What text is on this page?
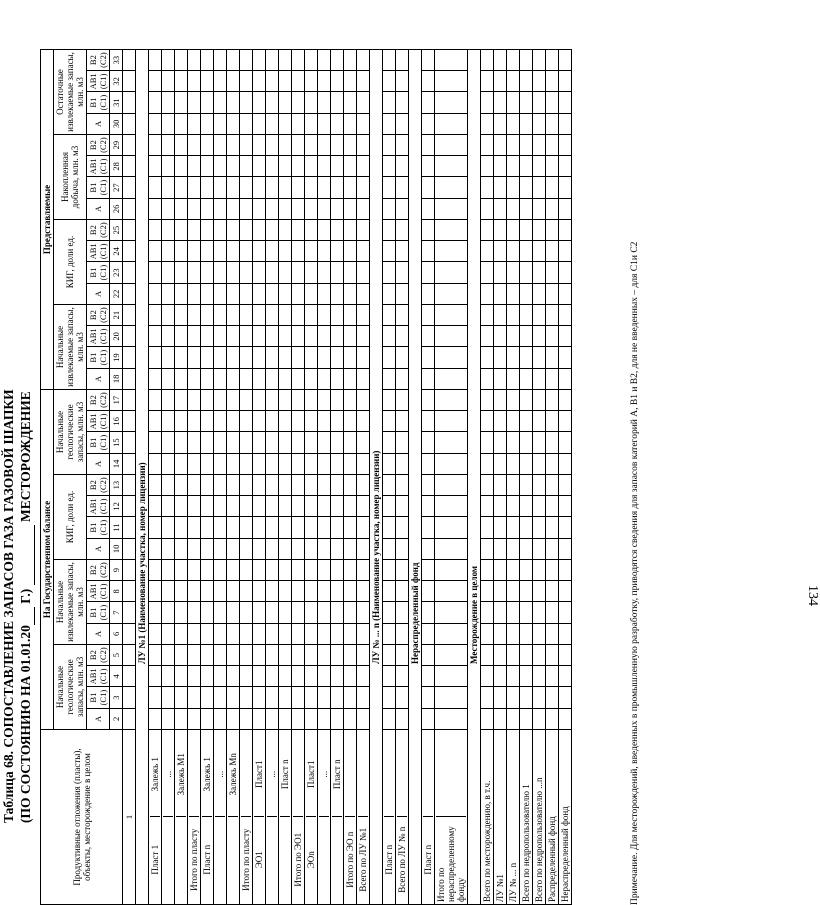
Таблица 68. СОПОСТАВЛЕНИЕ ЗАПАСОВ ГАЗА ГАЗОВОЙ ШАПКИ (ПО СОСТОЯНИЮ НА 01.01.20  Г.)   МЕСТОРОЖДЕНИЕ
Продуктивные отложения (пласты), объекты, месторождение в целом
На Государственном балансе
Представляемые
Начальные геологические запасы, млн. м3
Начальные извлекаемые запасы, млн. м3
КИГ, доли ед.
Начальные геологические запасы, млн. м3
Начальные извлекаемые запасы, млн. м3
КИГ, доли ед.
Накопленная добыча, млн. м3
Остаточные извлекаемые запасы, млн. м3
А
В1 (С1)
АВ1 (С1)
В2 (С2)
А
В1 (С1)
АВ1 (С1)
В2 (С2)
А
В1 (С1)
АВ1 (С1)
В2 (С2)
А
В1 (С1)
АВ1 (С1)
В2 (С2)
А
В1 (С1)
АВ1 (С1)
В2 (С2)
А
В1 (С1)
АВ1 (С1)
В2 (С2)
А
В1 (С1)
АВ1 (С1)
В2 (С2)
А
В1 (С1)
АВ1 (С1)
В2 (С2)
1
2
3
4
5
6
7
8
9
10
11
12
13
14
15
16
17
18
19
20
21
22
23
24
25
26
27
28
29
30
31
32
33
ЛУ №1 (Наименование участка, номер лицензии)
Пласт 1
Залежь 1 ... Залежь М1
Итого по пласту Пласт n
Залежь 1 ... Залежь Мn
Итого по пласту ЭО1
Пласт1 ... Пласт n
Итого по ЭО1 ЭОn
Пласт1 ... Пласт n
Итого по ЭО n Всего по ЛУ №1
ЛУ № ... n (Наименование участка, номер лицензии)
Пласт n Всего по ЛУ № n
Нераспределенный фонд
Пласт n
Итого по нераспределенному фонду
Месторождение в целом
Всего по месторождению, в т.ч. ЛУ №1 ЛУ № ... n Всего по недропользователю 1 Всего по недропользователю ...n Распределенный фонд Нераспределенный фонд	Примечание. Для месторождений, введенных в промышленную разработку, приводятся сведения для запасов категорий А, В1 и В2, для не введенных – для С1и С2	134
